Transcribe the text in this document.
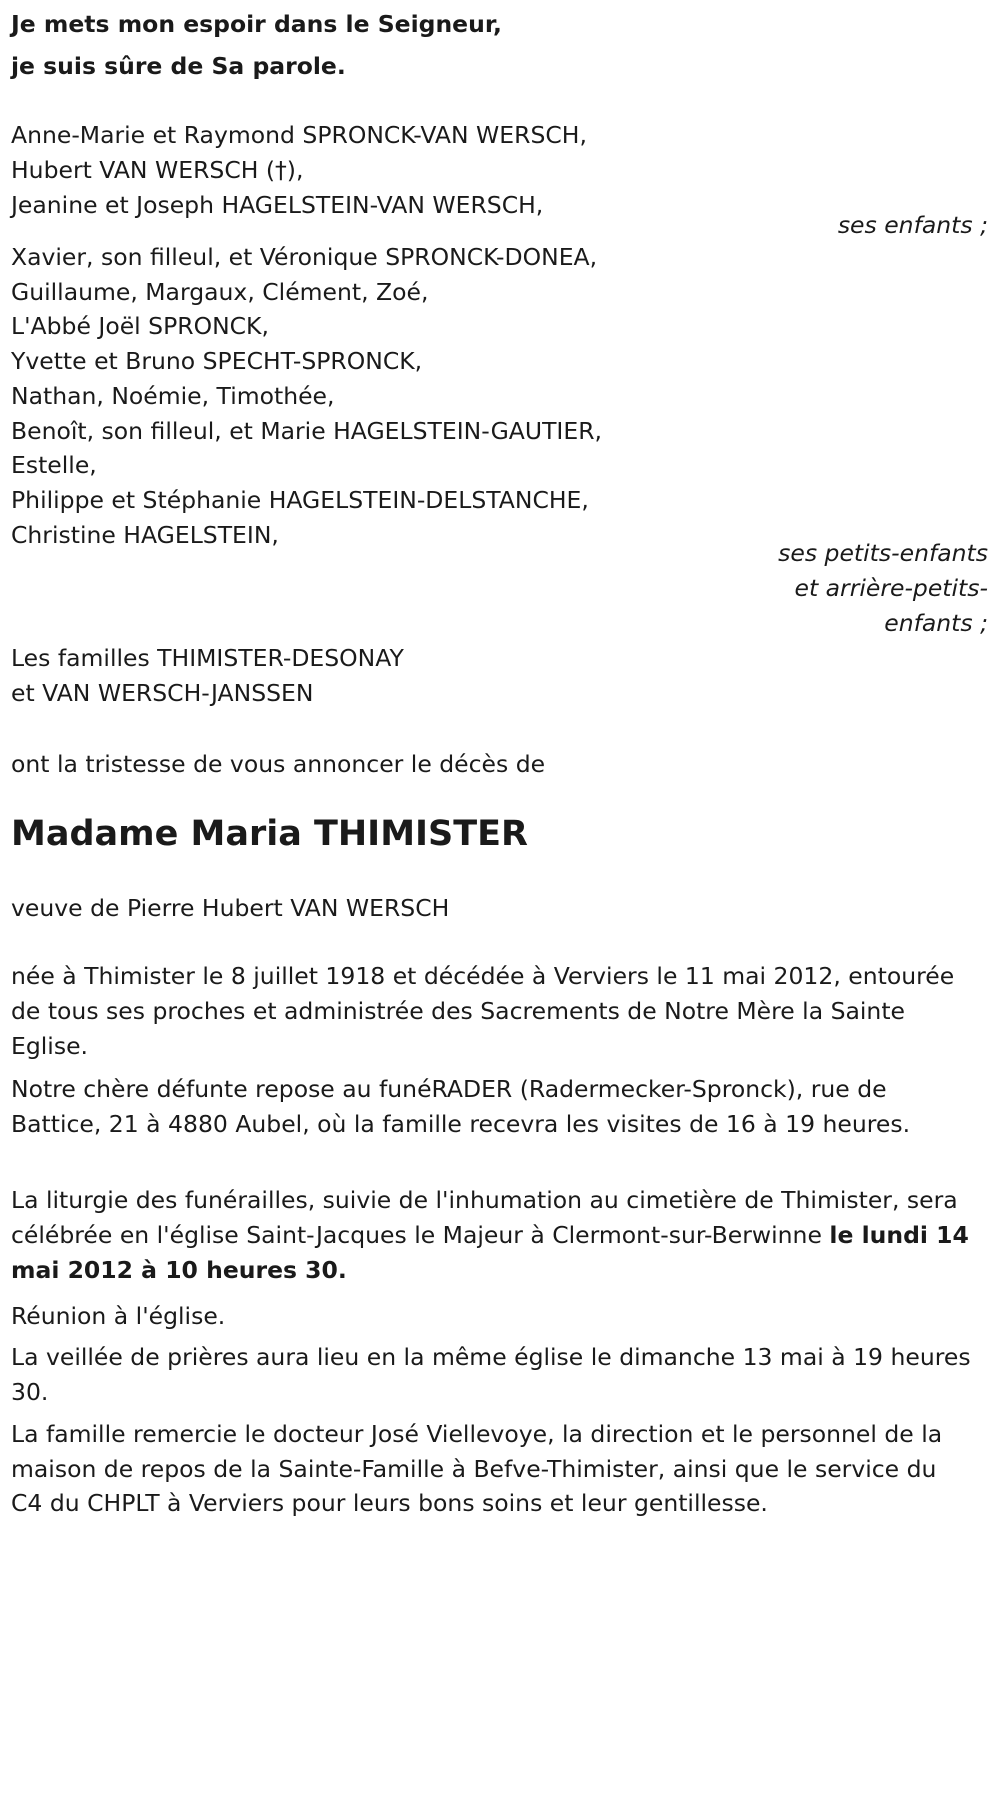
Je mets mon espoir dans le Seigneur,
je suis sûre de Sa parole.
Anne-Marie et Raymond SPRONCK-VAN WERSCH,
Hubert VAN WERSCH (†),
Jeanine et Joseph HAGELSTEIN-VAN WERSCH,
ses enfants ;
Xavier, son filleul, et Véronique SPRONCK-DONEA,
Guillaume, Margaux, Clément, Zoé,
L'Abbé Joël SPRONCK,
Yvette et Bruno SPECHT-SPRONCK,
Nathan, Noémie, Timothée,
Benoît, son filleul, et Marie HAGELSTEIN-GAUTIER,
Estelle,
Philippe et Stéphanie HAGELSTEIN-DELSTANCHE,
Christine HAGELSTEIN,
ses petits-enfants
et arrière-petits-
enfants ;
Les familles THIMISTER-DESONAY
et VAN WERSCH-JANSSEN
ont la tristesse de vous annoncer le décès de
Madame Maria THIMISTER
veuve de Pierre Hubert VAN WERSCH
née à Thimister le 8 juillet 1918 et décédée à Verviers le 11 mai 2012, entourée de tous ses proches et administrée des Sacrements de Notre Mère la Sainte Eglise.
Notre chère défunte repose au funéRADER (Radermecker-Spronck), rue de Battice, 21 à 4880 Aubel, où la famille recevra les visites de 16 à 19 heures.
La liturgie des funérailles, suivie de l'inhumation au cimetière de Thimister, sera célébrée en l'église Saint-Jacques le Majeur à Clermont-sur-Berwinne le lundi 14 mai 2012 à 10 heures 30.
Réunion à l'église.
La veillée de prières aura lieu en la même église le dimanche 13 mai à 19 heures 30.
La famille remercie le docteur José Viellevoye, la direction et le personnel de la maison de repos de la Sainte-Famille à Befve-Thimister, ainsi que le service du C4 du CHPLT à Verviers pour leurs bons soins et leur gentillesse.
